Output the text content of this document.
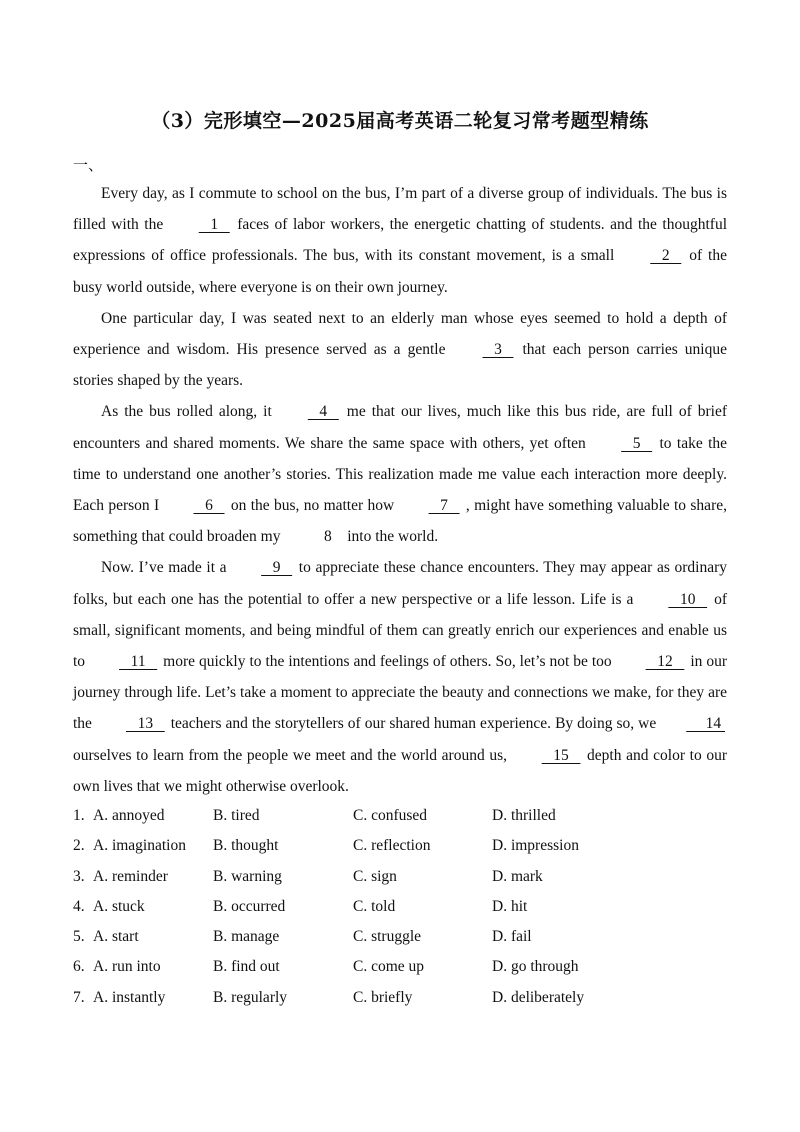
（3）完形填空—2025届高考英语二轮复习常考题型精练
一、

Every day, as I commute to school on the bus, I’m part of a diverse group of individuals. The bus is filled with the    1    faces of labor workers, the energetic chatting of students. and the thoughtful expressions of office professionals. The bus, with its constant movement, is a small    2    of the busy world outside, where everyone is on their own journey.

One particular day, I was seated next to an elderly man whose eyes seemed to hold a depth of experience and wisdom. His presence served as a gentle    3    that each person carries unique stories shaped by the years.

As the bus rolled along, it    4    me that our lives, much like this bus ride, are full of brief encounters and shared moments. We share the same space with others, yet often    5    to take the time to understand one another’s stories. This realization made me value each interaction more deeply. Each person I    6    on the bus, no matter how    7    , might have something valuable to share, something that could broaden my    8    into the world.

Now. I’ve made it a    9    to appreciate these chance encounters. They may appear as ordinary folks, but each one has the potential to offer a new perspective or a life lesson. Life is a    10    of small, significant moments, and being mindful of them can greatly enrich our experiences and enable us to    11    more quickly to the intentions and feelings of others. So, let’s not be too    12    in our journey through life. Let’s take a moment to appreciate the beauty and connections we make, for they are the    13    teachers and the storytellers of our shared human experience. By doing so, we     14  ourselves to learn from the people we meet and the world around us,    15    depth and color to our own lives that we might otherwise overlook.

1. A. annoyed	B. tired	C. confused	D. thrilled
2. A. imagination B. thought	C. reflection	D. impression
3. A. reminder	B. warning	C. sign	D. mark
4. A. stuck	B. occurred	C. told	D. hit
5. A. start	B. manage	C. struggle	D. fail
6. A. run into	B. find out	C. come up	D. go through
7. A. instantly	B. regularly	C. briefly	D. deliberately
